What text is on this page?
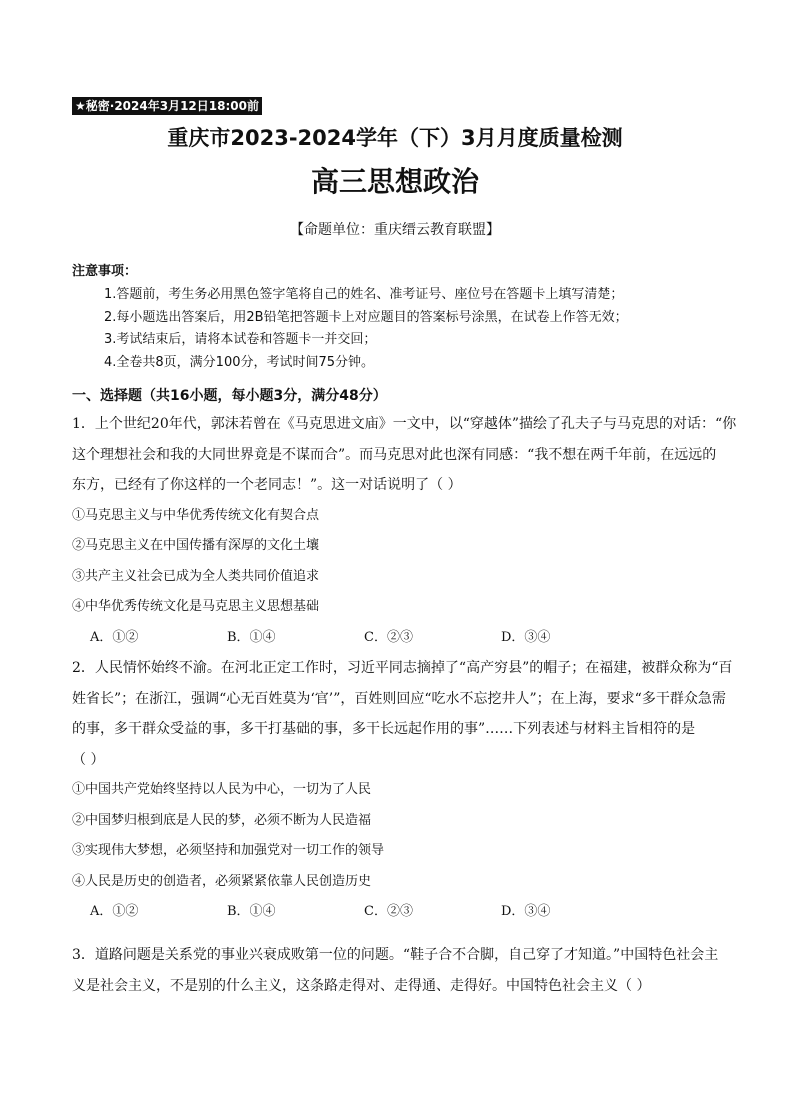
★秘密·2024年3月12日18:00前
重庆市2023-2024学年（下）3月月度质量检测
高三思想政治
【命题单位：重庆缙云教育联盟】
注意事项：
1.答题前，考生务必用黑色签字笔将自己的姓名、准考证号、座位号在答题卡上填写清楚；
2.每小题选出答案后，用2B铅笔把答题卡上对应题目的答案标号涂黑，在试卷上作答无效；
3.考试结束后，请将本试卷和答题卡一并交回；
4.全卷共8页，满分100分，考试时间75分钟。
一、选择题（共16小题，每小题3分，满分48分）
1．上个世纪20年代，郭沫若曾在《马克思进文庙》一文中，以“穿越体”描绘了孔夫子与马克思的对话：“你
这个理想社会和我的大同世界竟是不谋而合”。而马克思对此也深有同感：“我不想在两千年前，在远远的
东方，已经有了你这样的一个老同志！”。这一对话说明了（ ）
①马克思主义与中华优秀传统文化有契合点
②马克思主义在中国传播有深厚的文化土壤
③共产主义社会已成为全人类共同价值追求
④中华优秀传统文化是马克思主义思想基础
A．①②	B．①④	C．②③	D．③④
2．人民情怀始终不渝。在河北正定工作时，习近平同志摘掉了“高产穷县”的帽子；在福建，被群众称为“百
姓省长”；在浙江，强调“心无百姓莫为‘官’”，百姓则回应“吃水不忘挖井人”；在上海，要求“多干群众急需
的事，多干群众受益的事，多干打基础的事，多干长远起作用的事”……下列表述与材料主旨相符的是
（ ）
①中国共产党始终坚持以人民为中心，一切为了人民
②中国梦归根到底是人民的梦，必须不断为人民造福
③实现伟大梦想，必须坚持和加强党对一切工作的领导
④人民是历史的创造者，必须紧紧依靠人民创造历史
A．①②	B．①④	C．②③	D．③④
3．道路问题是关系党的事业兴衰成败第一位的问题。“鞋子合不合脚，自己穿了才知道。”中国特色社会主
义是社会主义，不是别的什么主义，这条路走得对、走得通、走得好。中国特色社会主义（ ）
